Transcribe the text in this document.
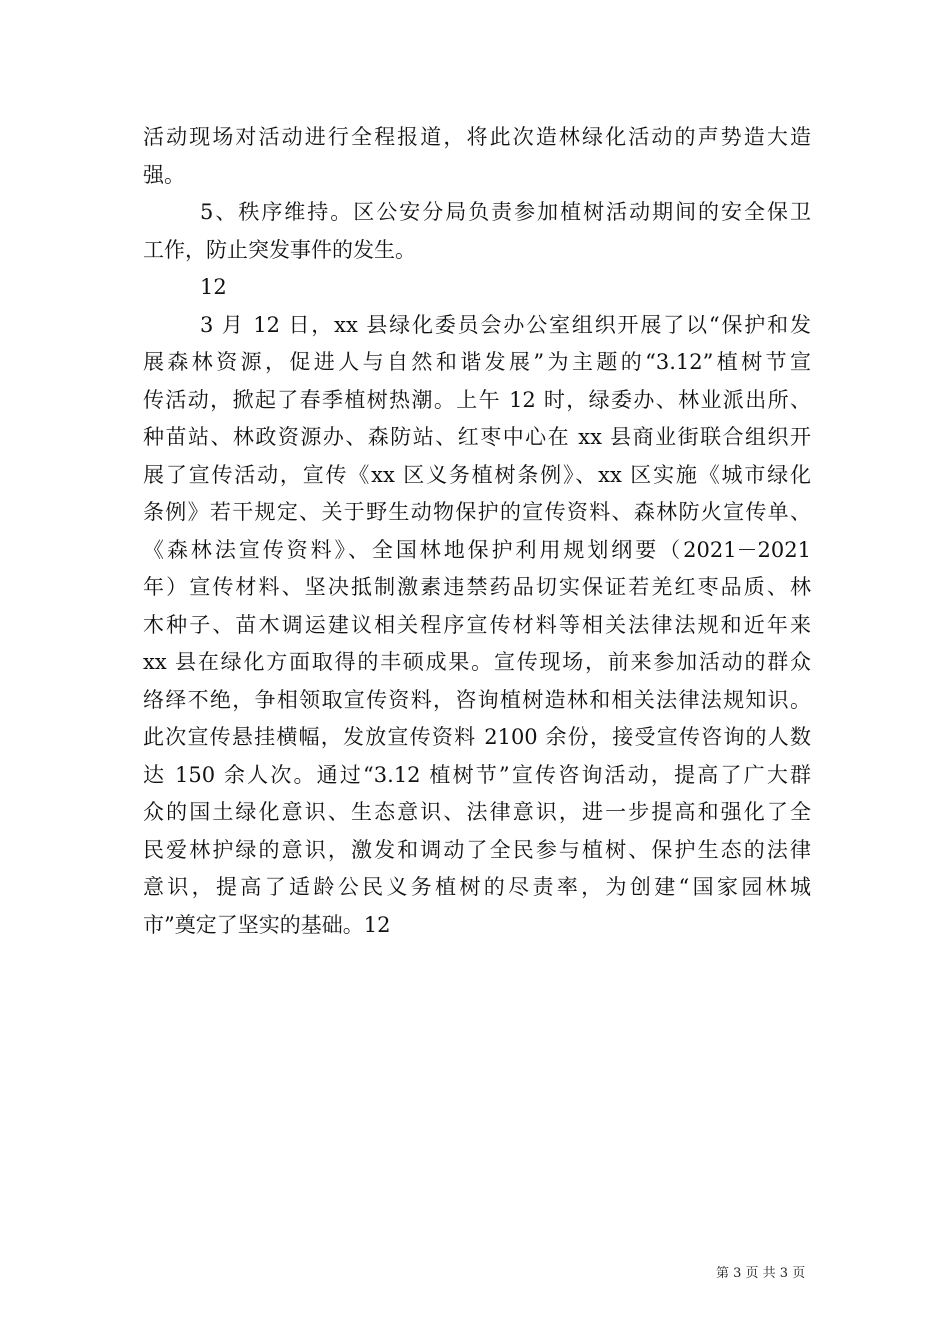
活动现场对活动进行全程报道，将此次造林绿化活动的声势造大造
强。
5、秩序维持。区公安分局负责参加植树活动期间的安全保卫
工作，防止突发事件的发生。
12
3 月 12 日，xx 县绿化委员会办公室组织开展了以“保护和发
展森林资源，促进人与自然和谐发展”为主题的“3.12”植树节宣
传活动，掀起了春季植树热潮。上午 12 时，绿委办、林业派出所、
种苗站、林政资源办、森防站、红枣中心在 xx 县商业街联合组织开
展了宣传活动，宣传《xx 区义务植树条例》、xx 区实施《城市绿化
条例》若干规定、关于野生动物保护的宣传资料、森林防火宣传单、
《森林法宣传资料》、全国林地保护利用规划纲要（2021－2021
年）宣传材料、坚决抵制激素违禁药品切实保证若羌红枣品质、林
木种子、苗木调运建议相关程序宣传材料等相关法律法规和近年来
xx 县在绿化方面取得的丰硕成果。宣传现场，前来参加活动的群众
络绎不绝，争相领取宣传资料，咨询植树造林和相关法律法规知识。
此次宣传悬挂横幅，发放宣传资料 2100 余份，接受宣传咨询的人数
达 150 余人次。通过“3.12 植树节”宣传咨询活动，提高了广大群
众的国土绿化意识、生态意识、法律意识，进一步提高和强化了全
民爱林护绿的意识，激发和调动了全民参与植树、保护生态的法律
意识，提高了适龄公民义务植树的尽责率，为创建“国家园林城
市”奠定了坚实的基础。12
第 3 页 共 3 页
